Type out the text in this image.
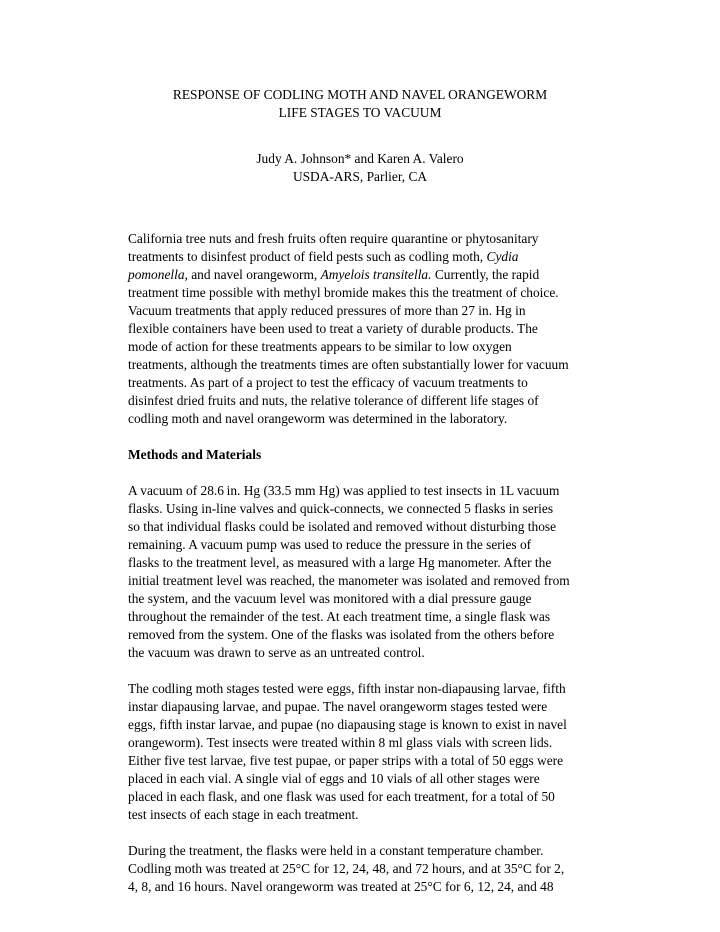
RESPONSE OF CODLING MOTH AND NAVEL ORANGEWORM
LIFE STAGES TO VACUUM
Judy A. Johnson* and Karen A. Valero
USDA-ARS, Parlier, CA
California tree nuts and fresh fruits often require quarantine or phytosanitary
treatments to disinfest product of field pests such as codling moth, Cydia
pomonella, and navel orangeworm, Amyelois transitella. Currently, the rapid
treatment time possible with methyl bromide makes this the treatment of choice.
Vacuum treatments that apply reduced pressures of more than 27 in. Hg in
flexible containers have been used to treat a variety of durable products. The
mode of action for these treatments appears to be similar to low oxygen
treatments, although the treatments times are often substantially lower for vacuum
treatments. As part of a project to test the efficacy of vacuum treatments to
disinfest dried fruits and nuts, the relative tolerance of different life stages of
codling moth and navel orangeworm was determined in the laboratory.
Methods and Materials
A vacuum of 28.6 in. Hg (33.5 mm Hg) was applied to test insects in 1L vacuum
flasks. Using in-line valves and quick-connects, we connected 5 flasks in series
so that individual flasks could be isolated and removed without disturbing those
remaining. A vacuum pump was used to reduce the pressure in the series of
flasks to the treatment level, as measured with a large Hg manometer. After the
initial treatment level was reached, the manometer was isolated and removed from
the system, and the vacuum level was monitored with a dial pressure gauge
throughout the remainder of the test. At each treatment time, a single flask was
removed from the system. One of the flasks was isolated from the others before
the vacuum was drawn to serve as an untreated control.
The codling moth stages tested were eggs, fifth instar non-diapausing larvae, fifth
instar diapausing larvae, and pupae. The navel orangeworm stages tested were
eggs, fifth instar larvae, and pupae (no diapausing stage is known to exist in navel
orangeworm). Test insects were treated within 8 ml glass vials with screen lids.
Either five test larvae, five test pupae, or paper strips with a total of 50 eggs were
placed in each vial. A single vial of eggs and 10 vials of all other stages were
placed in each flask, and one flask was used for each treatment, for a total of 50
test insects of each stage in each treatment.
During the treatment, the flasks were held in a constant temperature chamber.
Codling moth was treated at 25°C for 12, 24, 48, and 72 hours, and at 35°C for 2,
4, 8, and 16 hours. Navel orangeworm was treated at 25°C for 6, 12, 24, and 48
